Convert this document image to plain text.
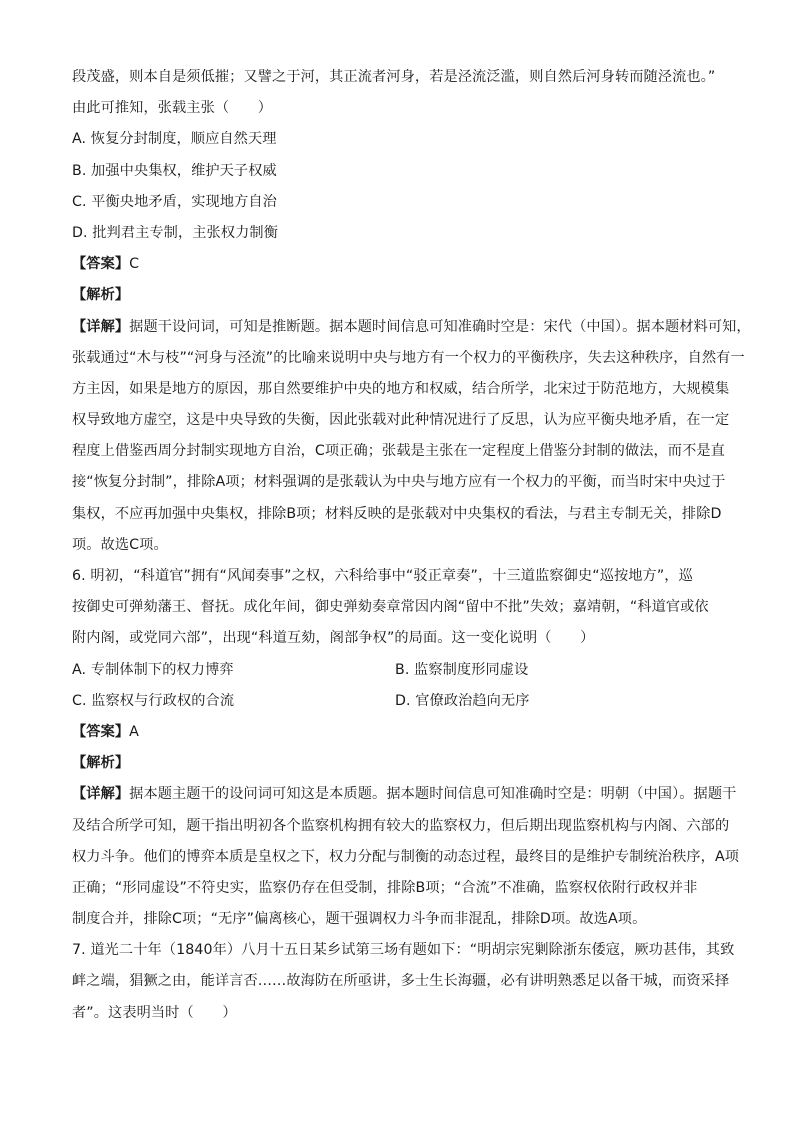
段茂盛，则本自是须低摧；又譬之于河，其正流者河身，若是泾流泛滥，则自然后河身转而随泾流也。”
由此可推知，张载主张（　　）
A. 恢复分封制度，顺应自然天理
B. 加强中央集权，维护天子权威
C. 平衡央地矛盾，实现地方自治
D. 批判君主专制，主张权力制衡
【答案】C
【解析】
【详解】据题干设问词，可知是推断题。据本题时间信息可知准确时空是：宋代（中国）。据本题材料可知，
张载通过“木与枝”“河身与泾流”的比喻来说明中央与地方有一个权力的平衡秩序，失去这种秩序，自然有一
方主因，如果是地方的原因，那自然要维护中央的地方和权威，结合所学，北宋过于防范地方，大规模集
权导致地方虚空，这是中央导致的失衡，因此张载对此种情况进行了反思，认为应平衡央地矛盾，在一定
程度上借鉴西周分封制实现地方自治，C项正确；张载是主张在一定程度上借鉴分封制的做法，而不是直
接“恢复分封制”，排除A项；材料强调的是张载认为中央与地方应有一个权力的平衡，而当时宋中央过于
集权，不应再加强中央集权，排除B项；材料反映的是张载对中央集权的看法，与君主专制无关，排除D
项。故选C项。
6. 明初，“科道官”拥有“风闻奏事”之权，六科给事中“驳正章奏”，十三道监察御史“巡按地方”，巡
按御史可弹劾藩王、督抚。成化年间，御史弹劾奏章常因内阁“留中不批”失效；嘉靖朝，“科道官或依
附内阁，或党同六部”，出现“科道互劾，阁部争权”的局面。这一变化说明（　　）
A. 专制体制下的权力博弈	B. 监察制度形同虚设
C. 监察权与行政权的合流	D. 官僚政治趋向无序
【答案】A
【解析】
【详解】据本题主题干的设问词可知这是本质题。据本题时间信息可知准确时空是：明朝（中国）。据题干
及结合所学可知，题干指出明初各个监察机构拥有较大的监察权力，但后期出现监察机构与内阁、六部的
权力斗争。他们的博弈本质是皇权之下，权力分配与制衡的动态过程，最终目的是维护专制统治秩序，A项
正确；“形同虚设”不符史实，监察仍存在但受制，排除B项；“合流”不准确，监察权依附行政权并非
制度合并，排除C项；“无序”偏离核心，题干强调权力斗争而非混乱，排除D项。故选A项。
7. 道光二十年（1840年）八月十五日某乡试第三场有题如下：“明胡宗宪剿除浙东倭寇，厥功甚伟，其致
衅之端，猖獗之由，能详言否……故海防在所亟讲，多士生长海疆，必有讲明熟悉足以备干城，而资采择
者”。这表明当时（　　）
